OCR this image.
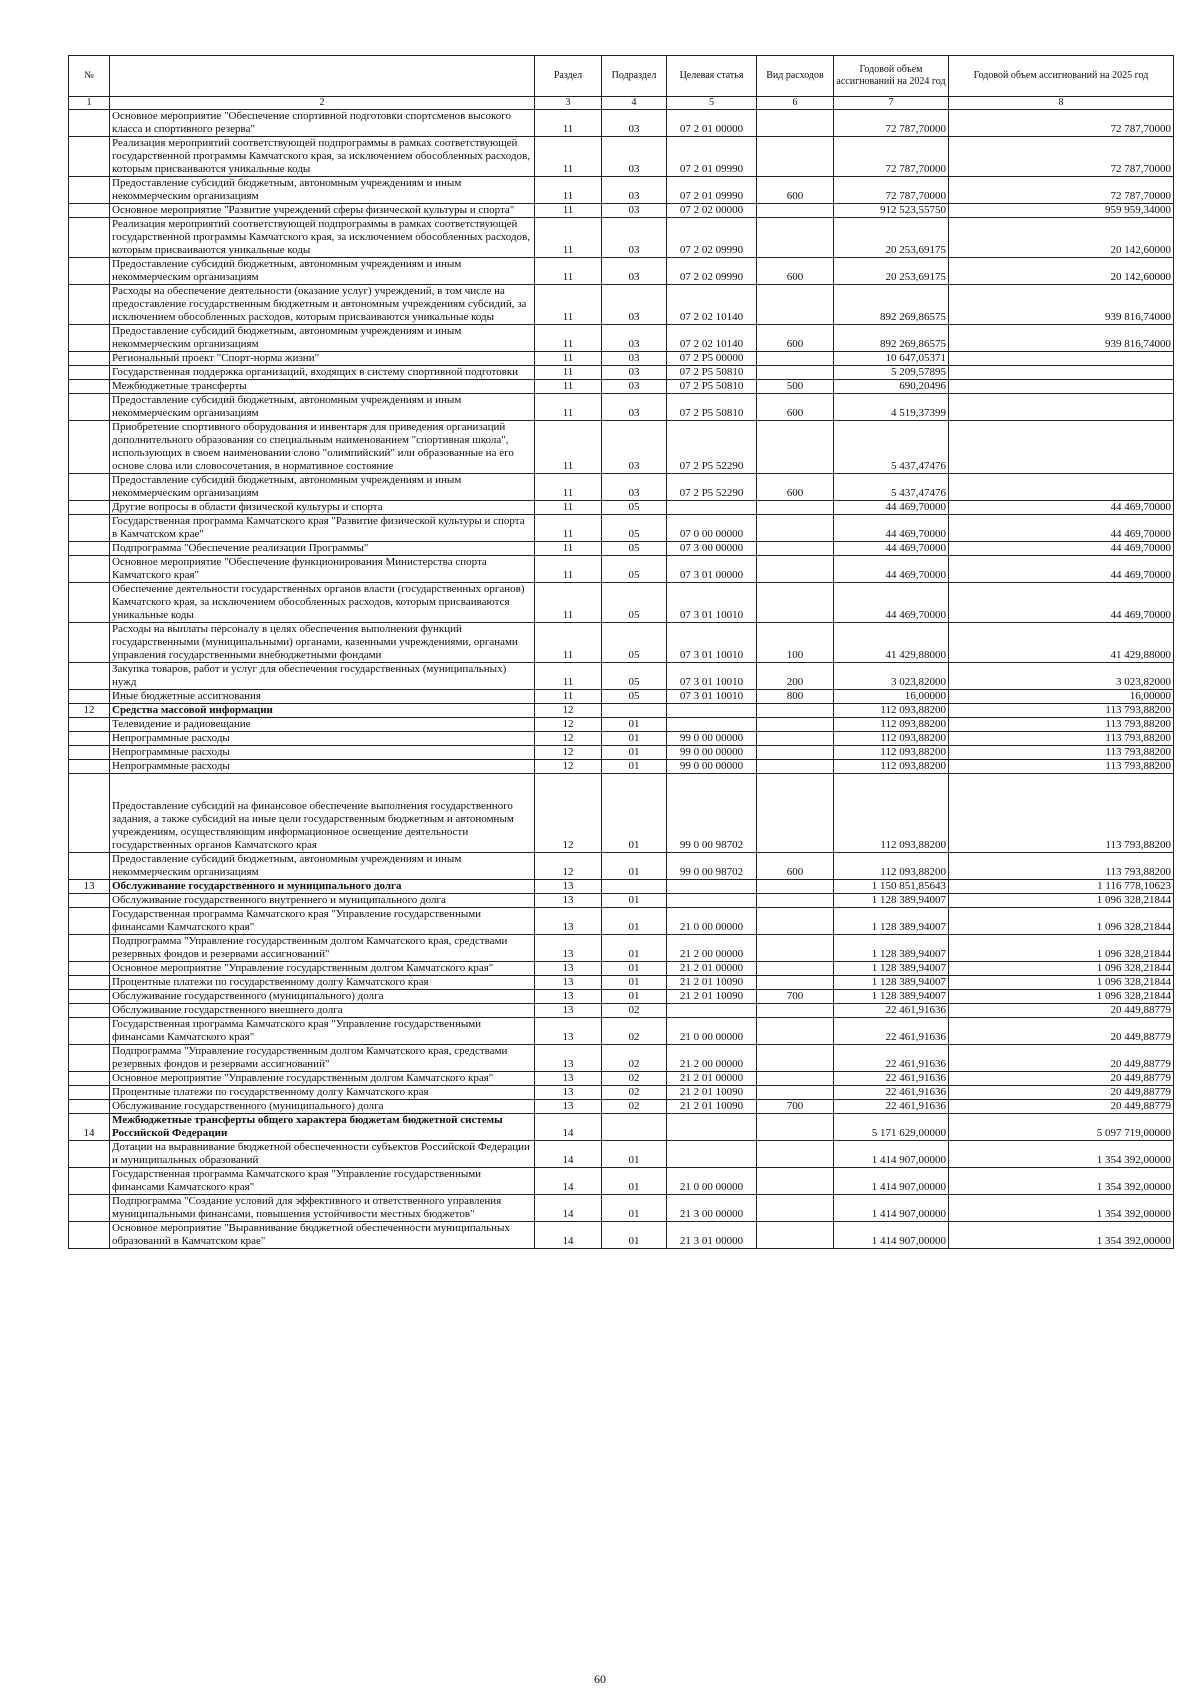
№		Раздел	Подраздел	Целевая статья	Вид расходов	Годовой объем ассигнований на 2024 год	Годовой объем ассигнований на 2025 год
1	2	3	4	5	6	7	8
	Основное мероприятие "Обеспечение спортивной подготовки спортсменов высокого класса и спортивного резерва"	11	03	07 2 01 00000		72 787,70000	72 787,70000
	Реализация мероприятий соответствующей подпрограммы в рамках соответствующей государственной программы Камчатского края, за исключением обособленных расходов, которым присваиваются уникальные коды	11	03	07 2 01 09990		72 787,70000	72 787,70000
	Предоставление субсидий бюджетным, автономным учреждениям и иным некоммерческим организациям	11	03	07 2 01 09990	600	72 787,70000	72 787,70000
	Основное мероприятие "Развитие учреждений сферы физической культуры и спорта"	11	03	07 2 02 00000		912 523,55750	959 959,34000
	Реализация мероприятий соответствующей подпрограммы в рамках соответствующей государственной программы Камчатского края, за исключением обособленных расходов, которым присваиваются уникальные коды	11	03	07 2 02 09990		20 253,69175	20 142,60000
	Предоставление субсидий бюджетным, автономным учреждениям и иным некоммерческим организациям	11	03	07 2 02 09990	600	20 253,69175	20 142,60000
	Расходы на обеспечение деятельности (оказание услуг) учреждений, в том числе на предоставление государственным бюджетным и автономным учреждениям субсидий, за исключением обособленных расходов, которым присваиваются уникальные коды	11	03	07 2 02 10140		892 269,86575	939 816,74000
	Предоставление субсидий бюджетным, автономным учреждениям и иным некоммерческим организациям	11	03	07 2 02 10140	600	892 269,86575	939 816,74000
	Региональный проект "Спорт-норма жизни"	11	03	07 2 P5 00000		10 647,05371	
	Государственная поддержка организаций, входящих в систему спортивной подготовки	11	03	07 2 P5 50810		5 209,57895	
	Межбюджетные трансферты	11	03	07 2 P5 50810	500	690,20496	
	Предоставление субсидий бюджетным, автономным учреждениям и иным некоммерческим организациям	11	03	07 2 P5 50810	600	4 519,37399	
	Приобретение спортивного оборудования и инвентаря для приведения организаций дополнительного образования со специальным наименованием "спортивная школа", использующих в своем наименовании слово "олимпийский" или образованные на его основе слова или словосочетания, в нормативное состояние	11	03	07 2 P5 52290		5 437,47476	
	Предоставление субсидий бюджетным, автономным учреждениям и иным некоммерческим организациям	11	03	07 2 P5 52290	600	5 437,47476	
	Другие вопросы в области физической культуры и спорта	11	05			44 469,70000	44 469,70000
	Государственная программа Камчатского края "Развитие физической культуры и спорта в Камчатском крае"	11	05	07 0 00 00000		44 469,70000	44 469,70000
	Подпрограмма "Обеспечение реализации Программы"	11	05	07 3 00 00000		44 469,70000	44 469,70000
	Основное мероприятие "Обеспечение функционирования Министерства спорта Камчатского края"	11	05	07 3 01 00000		44 469,70000	44 469,70000
	Обеспечение деятельности государственных органов власти (государственных органов) Камчатского края, за исключением обособленных расходов, которым присваиваются уникальные коды	11	05	07 3 01 10010		44 469,70000	44 469,70000
	Расходы на выплаты персоналу в целях обеспечения выполнения функций государственными (муниципальными) органами, казенными учреждениями, органами управления государственными внебюджетными фондами	11	05	07 3 01 10010	100	41 429,88000	41 429,88000
	Закупка товаров, работ и услуг для обеспечения государственных (муниципальных) нужд	11	05	07 3 01 10010	200	3 023,82000	3 023,82000
	Иные бюджетные ассигнования	11	05	07 3 01 10010	800	16,00000	16,00000
12	Средства массовой информации	12				112 093,88200	113 793,88200
	Телевидение и радиовещание	12	01			112 093,88200	113 793,88200
	Непрограммные расходы	12	01	99 0 00 00000		112 093,88200	113 793,88200
	Непрограммные расходы	12	01	99 0 00 00000		112 093,88200	113 793,88200
	Непрограммные расходы	12	01	99 0 00 00000		112 093,88200	113 793,88200
	Предоставление субсидий на финансовое обеспечение выполнения государственного задания, а также субсидий на иные цели государственным бюджетным и автономным учреждениям, осуществляющим информационное освещение деятельности государственных органов Камчатского края	12	01	99 0 00 98702		112 093,88200	113 793,88200
	Предоставление субсидий бюджетным, автономным учреждениям и иным некоммерческим организациям	12	01	99 0 00 98702	600	112 093,88200	113 793,88200
13	Обслуживание государственного и муниципального долга	13				1 150 851,85643	1 116 778,10623
	Обслуживание государственного внутреннего и муниципального долга	13	01			1 128 389,94007	1 096 328,21844
	Государственная программа Камчатского края "Управление государственными финансами Камчатского края"	13	01	21 0 00 00000		1 128 389,94007	1 096 328,21844
	Подпрограмма "Управление государственным долгом Камчатского края, средствами резервных фондов и резервами ассигнований"	13	01	21 2 00 00000		1 128 389,94007	1 096 328,21844
	Основное мероприятие "Управление государственным долгом Камчатского края"	13	01	21 2 01 00000		1 128 389,94007	1 096 328,21844
	Процентные платежи по государственному долгу Камчатского края	13	01	21 2 01 10090		1 128 389,94007	1 096 328,21844
	Обслуживание государственного (муниципального) долга	13	01	21 2 01 10090	700	1 128 389,94007	1 096 328,21844
	Обслуживание государственного внешнего долга	13	02			22 461,91636	20 449,88779
	Государственная программа Камчатского края "Управление государственными финансами Камчатского края"	13	02	21 0 00 00000		22 461,91636	20 449,88779
	Подпрограмма "Управление государственным долгом Камчатского края, средствами резервных фондов и резервами ассигнований"	13	02	21 2 00 00000		22 461,91636	20 449,88779
	Основное мероприятие "Управление государственным долгом Камчатского края"	13	02	21 2 01 00000		22 461,91636	20 449,88779
	Процентные платежи по государственному долгу Камчатского края	13	02	21 2 01 10090		22 461,91636	20 449,88779
	Обслуживание государственного (муниципального) долга	13	02	21 2 01 10090	700	22 461,91636	20 449,88779
14	Межбюджетные трансферты общего характера бюджетам бюджетной системы Российской Федерации	14				5 171 629,00000	5 097 719,00000
	Дотации на выравнивание бюджетной обеспеченности субъектов Российской Федерации и муниципальных образований	14	01			1 414 907,00000	1 354 392,00000
	Государственная программа Камчатского края "Управление государственными финансами Камчатского края"	14	01	21 0 00 00000		1 414 907,00000	1 354 392,00000
	Подпрограмма "Создание условий для эффективного и ответственного управления муниципальными финансами, повышения устойчивости местных бюджетов"	14	01	21 3 00 00000		1 414 907,00000	1 354 392,00000
	Основное мероприятие "Выравнивание бюджетной обеспеченности муниципальных образований в Камчатском крае"	14	01	21 3 01 00000		1 414 907,00000	1 354 392,00000
60
